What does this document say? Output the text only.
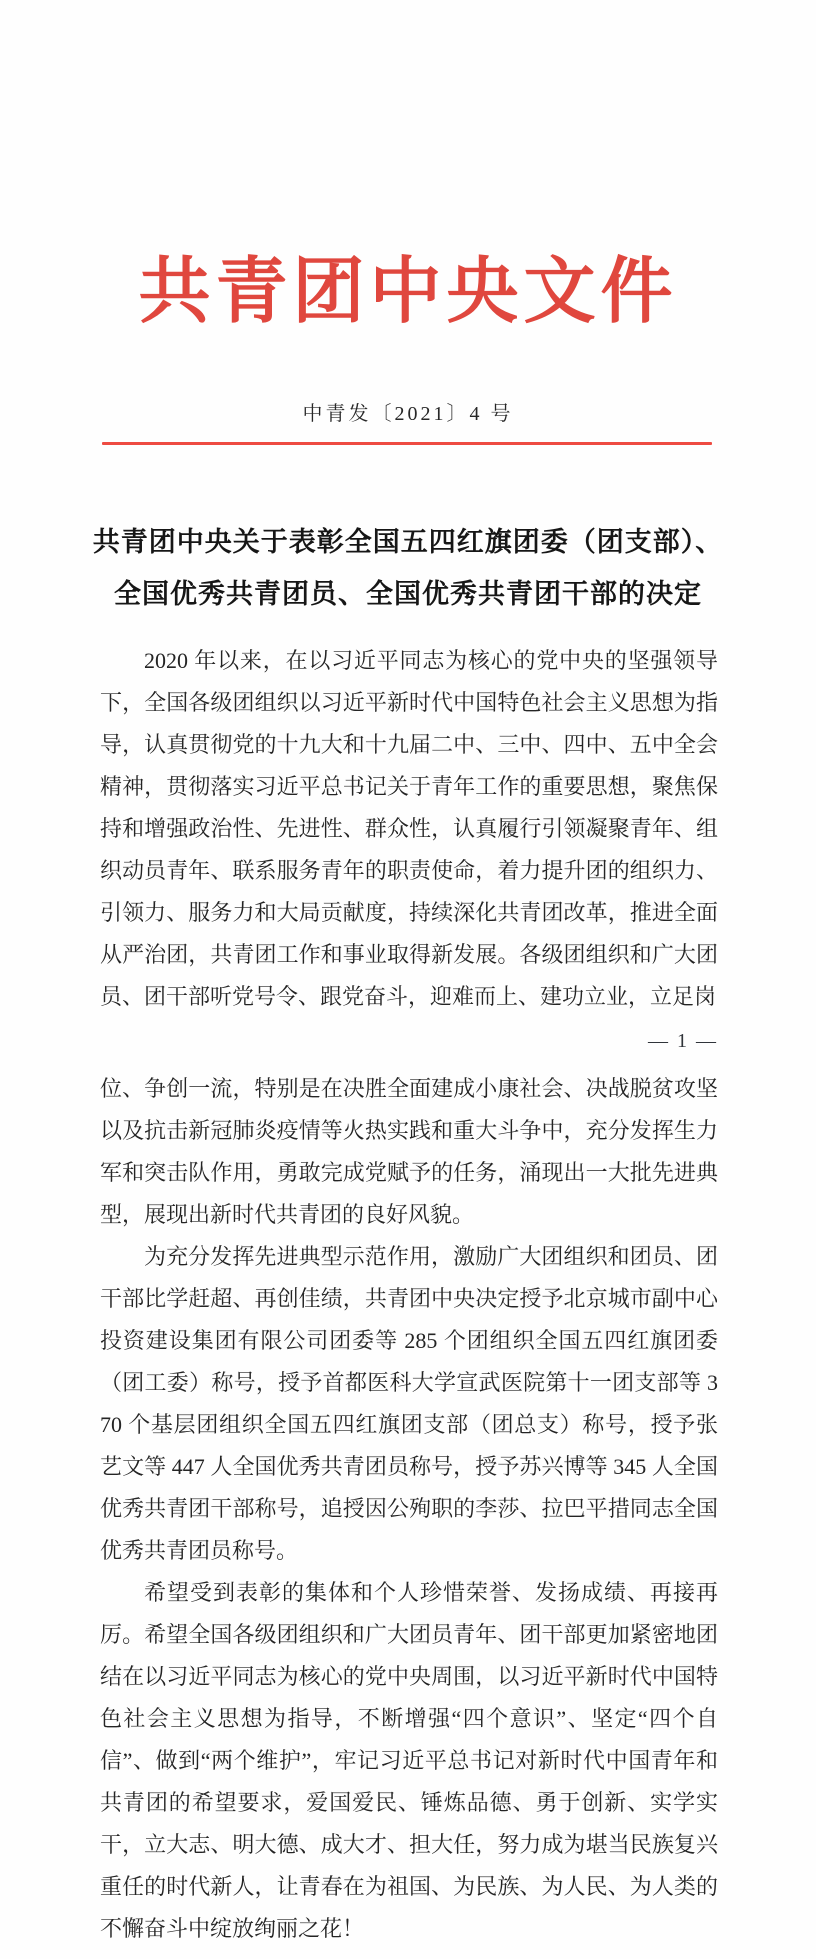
共青团中央文件
中青发〔2021〕4 号
共青团中央关于表彰全国五四红旗团委（团支部）、
全国优秀共青团员、全国优秀共青团干部的决定

2020 年以来，在以习近平同志为核心的党中央的坚强领导下，全国各级团组织以习近平新时代中国特色社会主义思想为指导，认真贯彻党的十九大和十九届二中、三中、四中、五中全会精神，贯彻落实习近平总书记关于青年工作的重要思想，聚焦保持和增强政治性、先进性、群众性，认真履行引领凝聚青年、组织动员青年、联系服务青年的职责使命，着力提升团的组织力、引领力、服务力和大局贡献度，持续深化共青团改革，推进全面从严治团，共青团工作和事业取得新发展。各级团组织和广大团员、团干部听党号令、跟党奋斗，迎难而上、建功立业，立足岗

— 1 —

位、争创一流，特别是在决胜全面建成小康社会、决战脱贫攻坚以及抗击新冠肺炎疫情等火热实践和重大斗争中，充分发挥生力军和突击队作用，勇敢完成党赋予的任务，涌现出一大批先进典型，展现出新时代共青团的良好风貌。

为充分发挥先进典型示范作用，激励广大团组织和团员、团干部比学赶超、再创佳绩，共青团中央决定授予北京城市副中心投资建设集团有限公司团委等 285 个团组织全国五四红旗团委（团工委）称号，授予首都医科大学宣武医院第十一团支部等 370 个基层团组织全国五四红旗团支部（团总支）称号，授予张艺文等 447 人全国优秀共青团员称号，授予苏兴博等 345 人全国优秀共青团干部称号，追授因公殉职的李莎、拉巴平措同志全国优秀共青团员称号。

希望受到表彰的集体和个人珍惜荣誉、发扬成绩、再接再厉。希望全国各级团组织和广大团员青年、团干部更加紧密地团结在以习近平同志为核心的党中央周围，以习近平新时代中国特色社会主义思想为指导，不断增强“四个意识”、坚定“四个自信”、做到“两个维护”，牢记习近平总书记对新时代中国青年和共青团的希望要求，爱国爱民、锤炼品德、勇于创新、实学实干，立大志、明大德、成大才、担大任，努力成为堪当民族复兴重任的时代新人，让青春在为祖国、为民族、为人民、为人类的不懈奋斗中绽放绚丽之花！
